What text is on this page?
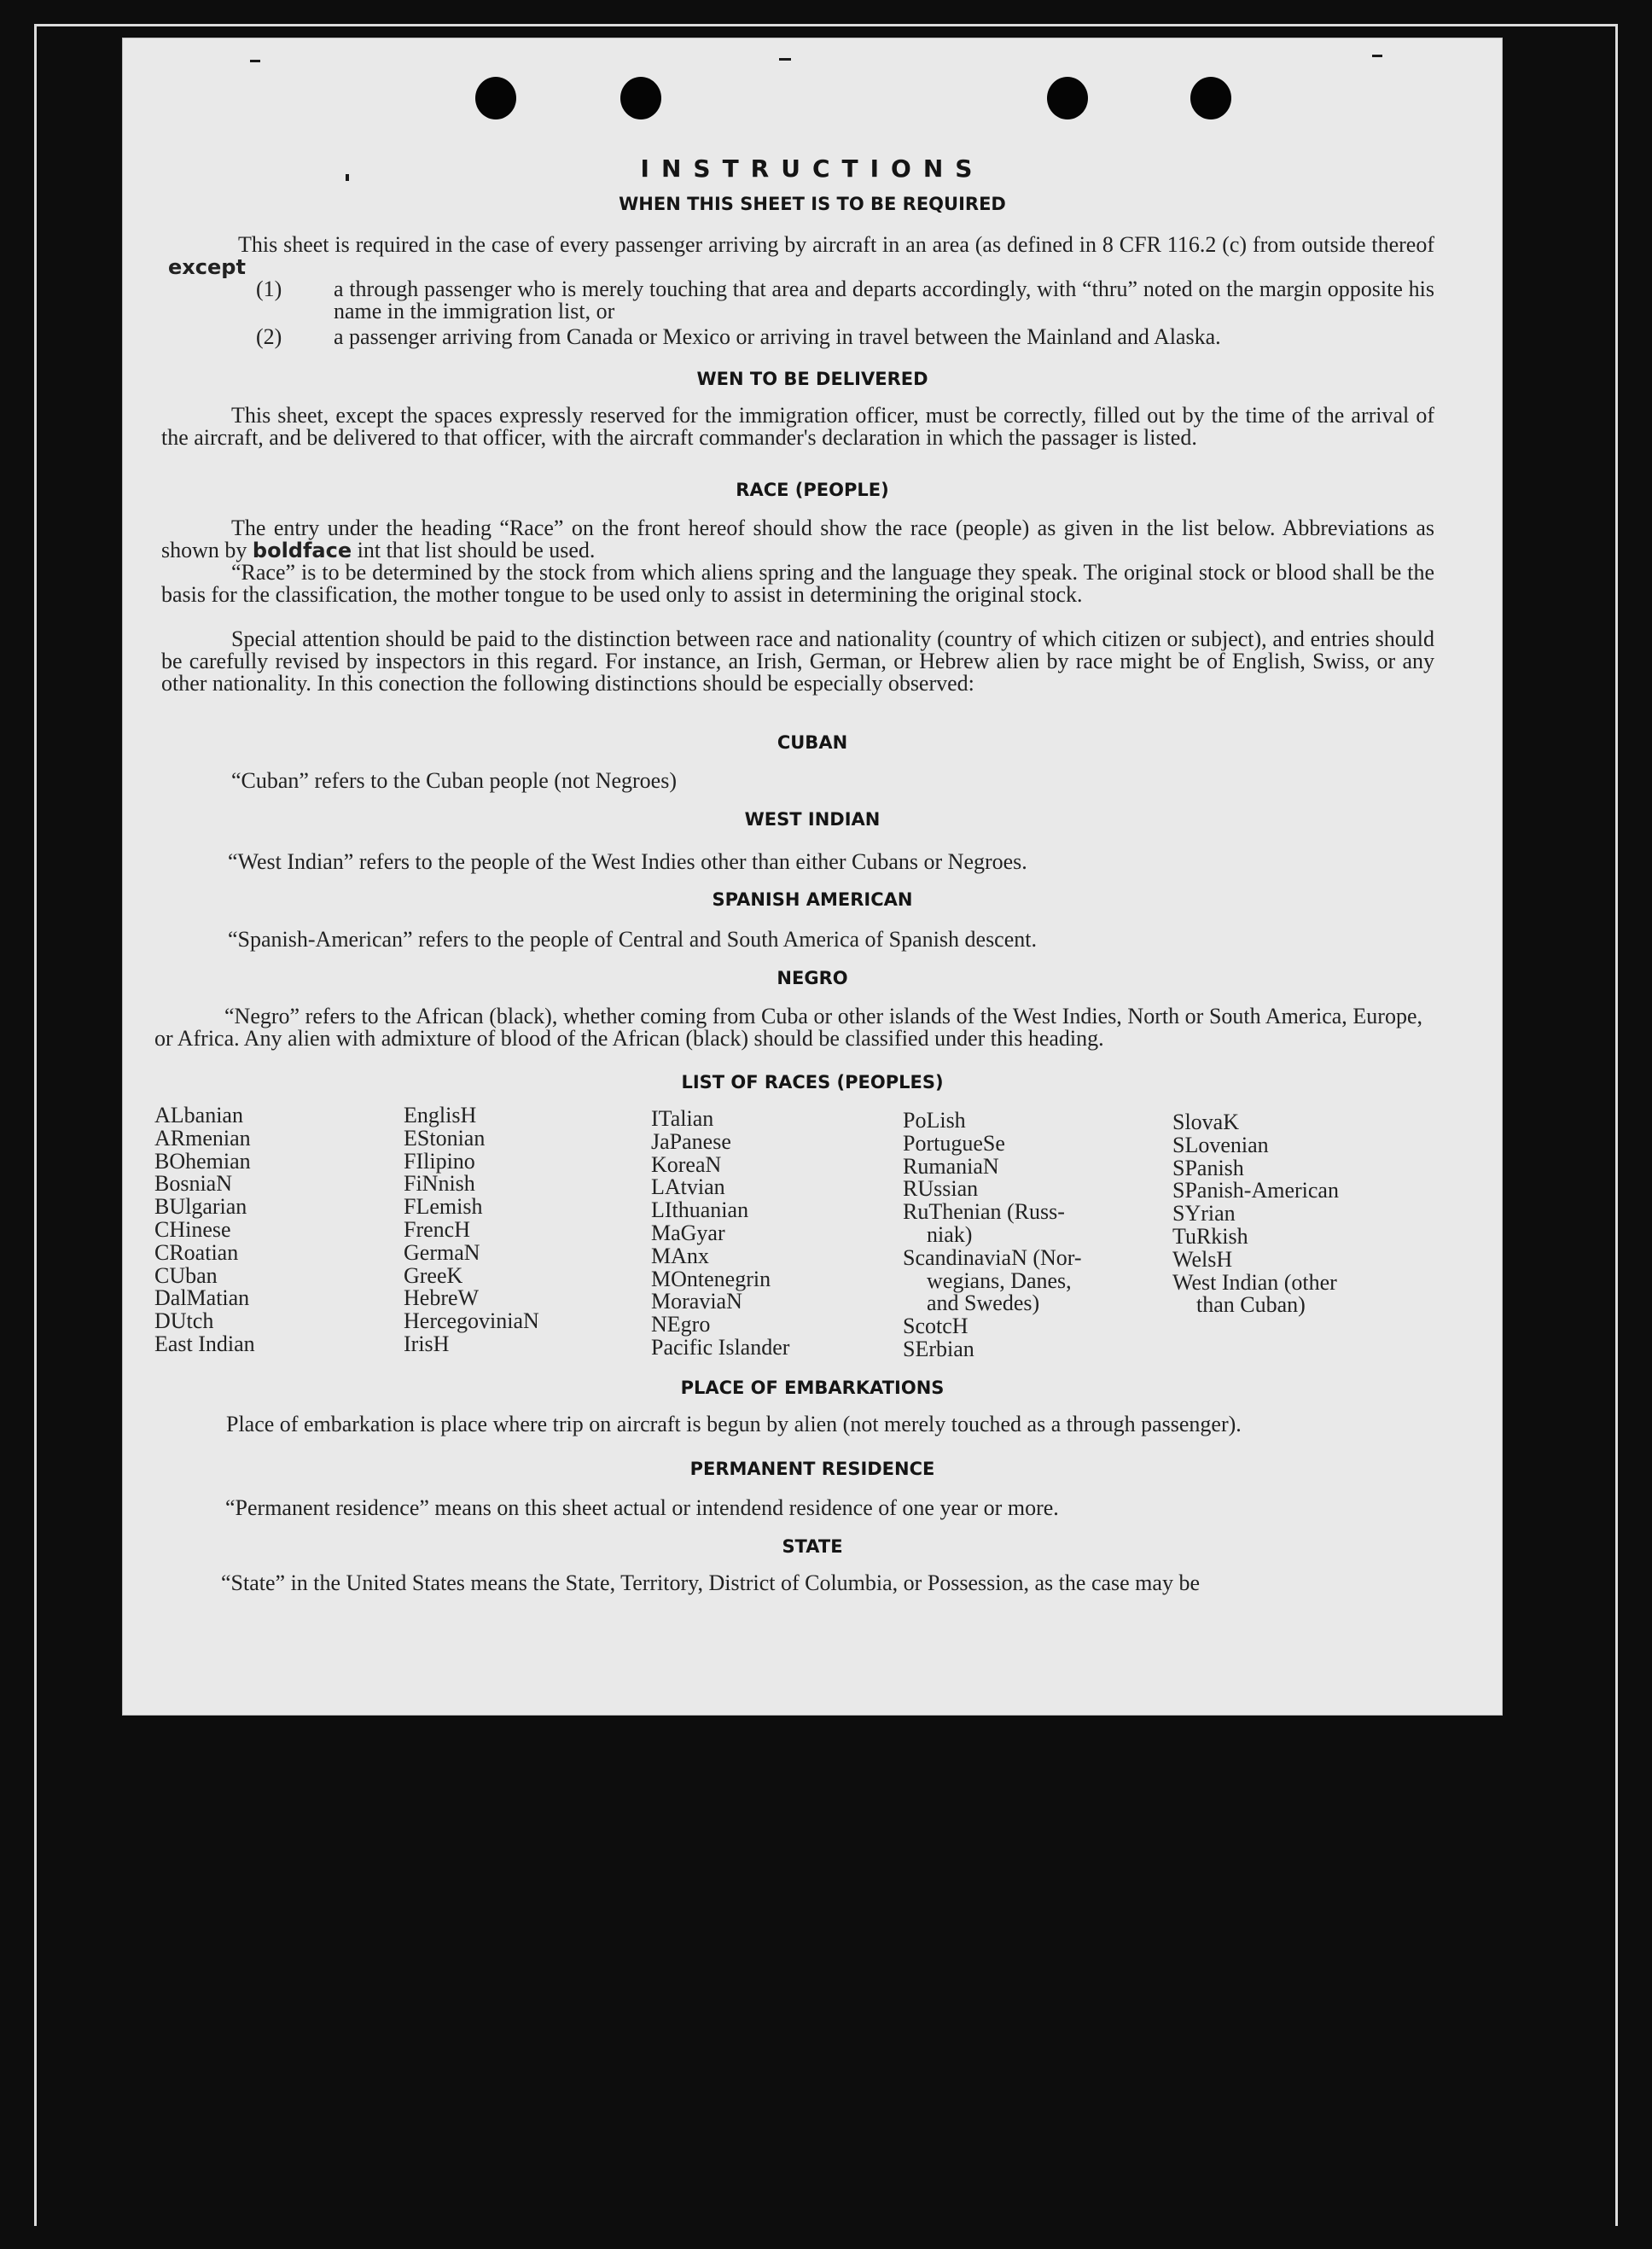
INSTRUCTIONS
WHEN THIS SHEET IS TO BE REQUIRED
This sheet is required in the case of every passenger arriving by aircraft in an area (as defined in 8 CFR 116.2 (c) from outside thereof except
(1) a through passenger who is merely touching that area and departs accordingly, with “thru” noted on the margin opposite his name in the immigration list, or
(2) a passenger arriving from Canada or Mexico or arriving in travel between the Mainland and Alaska.
WEN TO BE DELIVERED
This sheet, except the spaces expressly reserved for the immigration officer, must be correctly, filled out by the time of the arrival of the aircraft, and be delivered to that officer, with the aircraft commander's declaration in which the passager is listed.
RACE (PEOPLE)
The entry under the heading “Race” on the front hereof should show the race (people) as given in the list below. Abbreviations as shown by boldface int that list should be used.
“Race” is to be determined by the stock from which aliens spring and the language they speak. The original stock or blood shall be the basis for the classification, the mother tongue to be used only to assist in determining the original stock.
Special attention should be paid to the distinction between race and nationality (country of which citizen or subject), and entries should be carefully revised by inspectors in this regard. For instance, an Irish, German, or Hebrew alien by race might be of English, Swiss, or any other nationality. In this conection the following distinctions should be especially observed:
CUBAN
“Cuban” refers to the Cuban people (not Negroes)
WEST INDIAN
“West Indian” refers to the people of the West Indies other than either Cubans or Negroes.
SPANISH AMERICAN
“Spanish-American” refers to the people of Central and South America of Spanish descent.
NEGRO
“Negro” refers to the African (black), whether coming from Cuba or other islands of the West Indies, North or South America, Europe, or Africa. Any alien with admixture of blood of the African (black) should be classified under this heading.
LIST OF RACES (PEOPLES)
ALbanian
ARmenian
BOhemian
BosniaN
BUlgarian
CHinese
CRoatian
CUban
DalMatian
DUtch
East Indian
EnglisH
EStonian
FIlipino
FiNnish
FLemish
FrencH
GermaN
GreeK
HebreW
HercegoviniaN
IrisH
ITalian
JaPanese
KoreaN
LAtvian
LIthuanian
MaGyar
MAnx
MOntenegrin
MoraviaN
NEgro
Pacific Islander
PoLish
PortugueSe
RumaniaN
RUssian
RuThenian (Russ-
niak)
ScandinaviaN (Nor-
wegians, Danes,
and Swedes)
ScotcH
SErbian
SlovaK
SLovenian
SPanish
SPanish-American
SYrian
TuRkish
WelsH
West Indian (other
than Cuban)
PLACE OF EMBARKATIONS
Place of embarkation is place where trip on aircraft is begun by alien (not merely touched as a through passenger).
PERMANENT RESIDENCE
“Permanent residence” means on this sheet actual or intendend residence of one year or more.
STATE
“State” in the United States means the State, Territory, District of Columbia, or Possession, as the case may be
